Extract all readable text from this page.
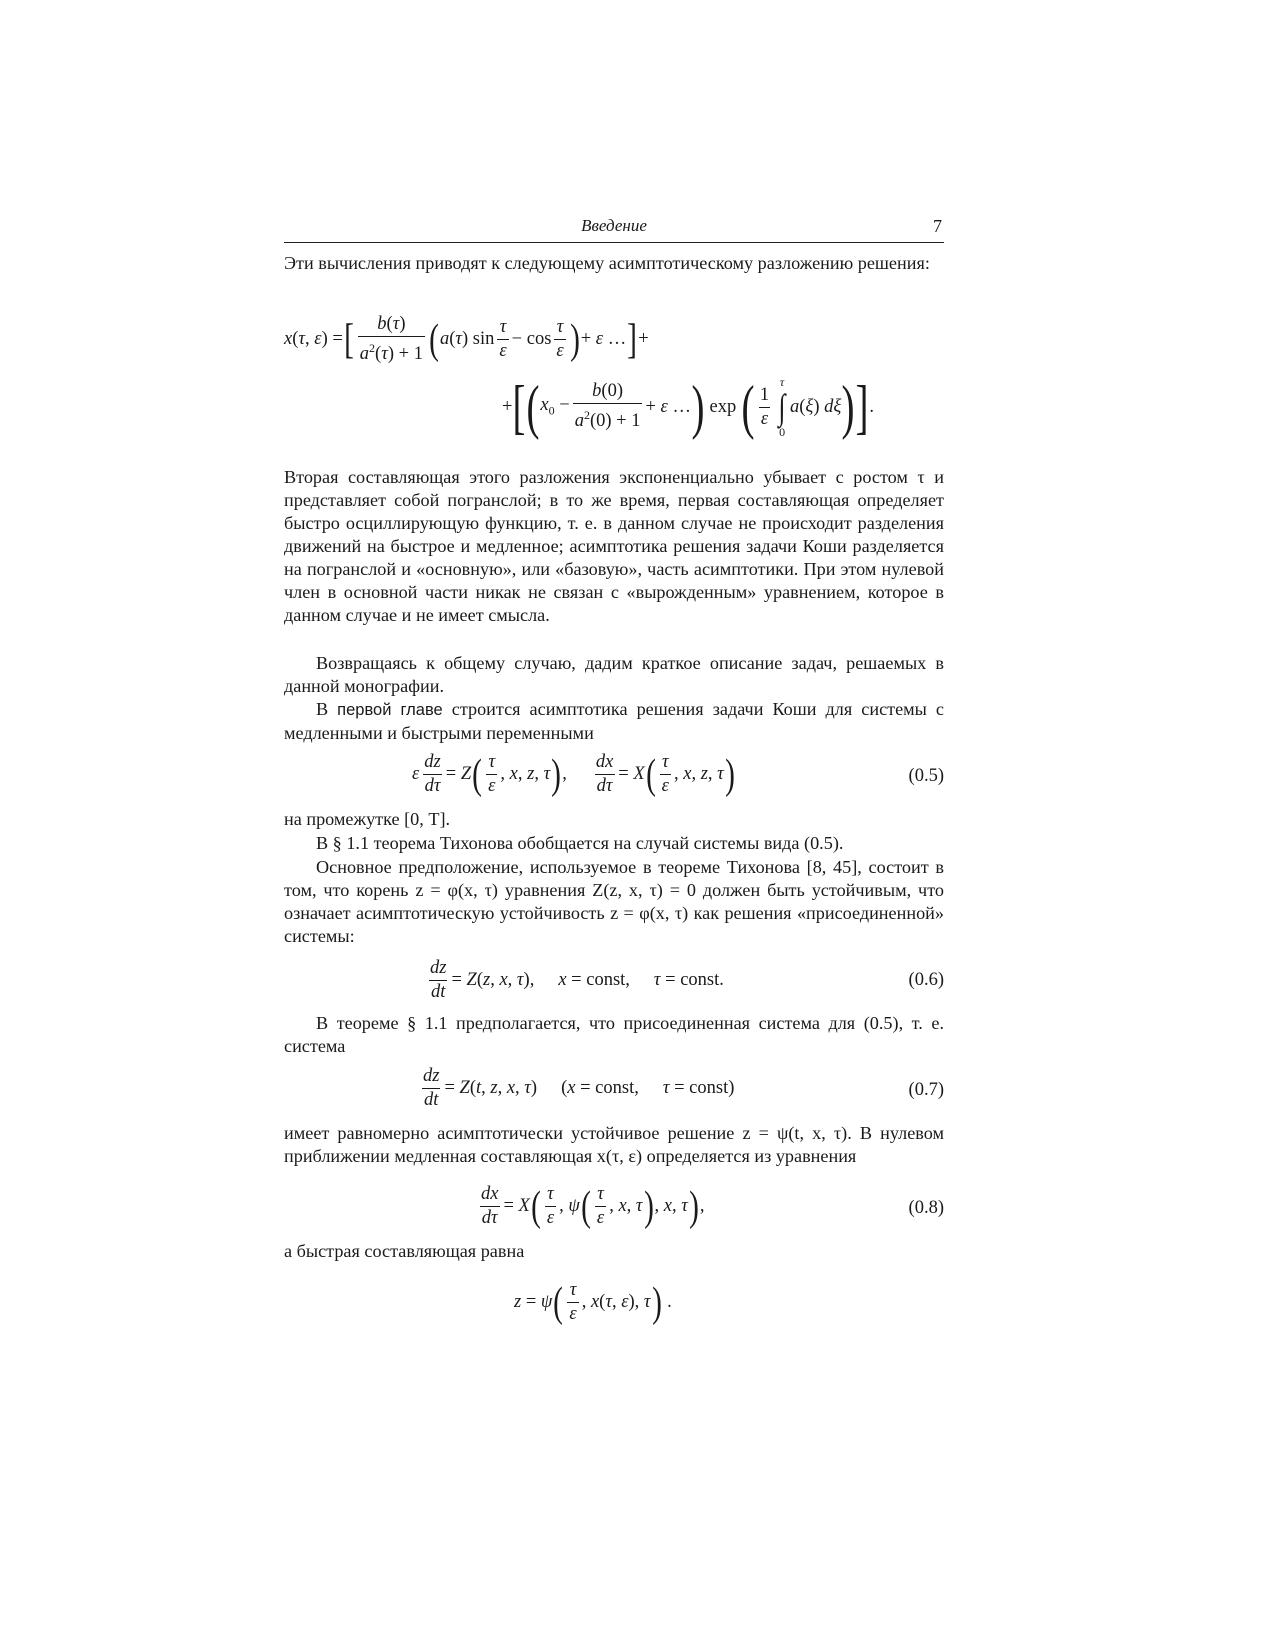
Введение	7

Эти вычисления приводят к следующему асимптотическому разложению решения:

x(τ, ε) = [ $\frac{b(\tau)}{a^2(\tau) + 1}$ ( a(τ) $\sin \frac{\tau}{\varepsilon} - \cos \frac{\tau}{\varepsilon}$ ) + ε … ] +
+ [ ( $x_0 - \frac{b(0)}{a^2(0) + 1} + \varepsilon$ … ) exp ( $\frac{1}{\varepsilon}$
τ
∫
0
a(ξ) dξ ) ] .

Вторая составляющая этого разложения экспоненциально убывает с ростом τ и представляет собой погранслой; в то же время, первая составляющая определяет быстро осциллирующую функцию, т. е. в данном случае не происходит разделения движений на быстрое и медленное; асимптотика решения задачи Коши разделяется на погранслой и «основную», или «базовую», часть асимптотики. При этом нулевой член в основной части никак не связан с «вырожденным» уравнением, которое в данном случае и не имеет смысла.

Возвращаясь к общему случаю, дадим краткое описание задач, решаемых в данной монографии.

В первой главе строится асимптотика решения задачи Коши для системы с медленными и быстрыми переменными

ε $\frac{dz}{d\tau} = Z$ ( $\frac{\tau}{\varepsilon}$ , x, z, τ ) , $\frac{dx}{d\tau} = X$ ( $\frac{\tau}{\varepsilon}$ , x, z, τ )	(0.5)

на промежутке [0, T].

В § 1.1 теорема Тихонова обобщается на случай системы вида (0.5).

Основное предположение, используемое в теореме Тихонова [8, 45], состоит в том, что корень z = φ(x, τ) уравнения Z(z, x, τ) = 0 должен быть устойчивым, что означает асимптотическую устойчивость z = φ(x, τ) как решения «присоединенной» системы:

$\frac{dz}{dt} = Z(z$, x, τ), x = const, τ = const.	(0.6)

В теореме § 1.1 предполагается, что присоединенная система для (0.5), т. е. система

$\frac{dz}{dt} = Z(t$, z, x, τ) (x = const, τ = const)	(0.7)

имеет равномерно асимптотически устойчивое решение z = ψ(t, x, τ). В нулевом приближении медленная составляющая x(τ, ε) определяется из уравнения

$\frac{dx}{d\tau} = X$ ( $\frac{\tau}{\varepsilon}$ , ψ ( $\frac{\tau}{\varepsilon}$ , x, τ ) , x, τ ) ,	(0.8)

а быстрая составляющая равна

z = ψ ( $\frac{\tau}{\varepsilon}$ , x(τ, ε), τ ) .
